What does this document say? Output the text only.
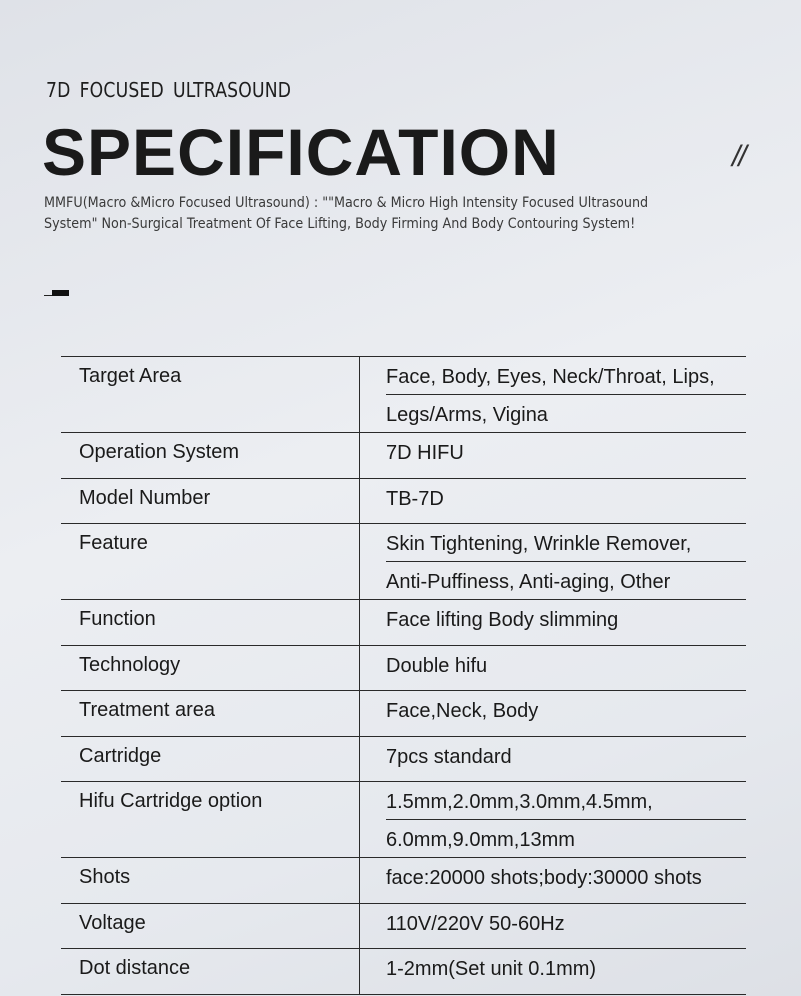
7D FOCUSED ULTRASOUND
SPECIFICATION	//
MMFU(Macro &Micro Focused Ultrasound) : ""Macro & Micro High Intensity Focused Ultrasound System" Non-Surgical Treatment Of Face Lifting, Body Firming And Body Contouring System!
Target Area	Face, Body, Eyes, Neck/Throat, Lips,
Legs/Arms, Vigina

Operation System	7D HIFU

Model Number	TB-7D

Feature	Skin Tightening, Wrinkle Remover,
Anti-Puffiness, Anti-aging, Other

Function	Face lifting Body slimming

Technology	Double hifu

Treatment area	Face,Neck, Body

Cartridge	7pcs standard

Hifu Cartridge option	1.5mm,2.0mm,3.0mm,4.5mm,
6.0mm,9.0mm,13mm

Shots	face:20000 shots;body:30000 shots

Voltage	110V/220V 50-60Hz

Dot distance	1-2mm(Set unit 0.1mm)
